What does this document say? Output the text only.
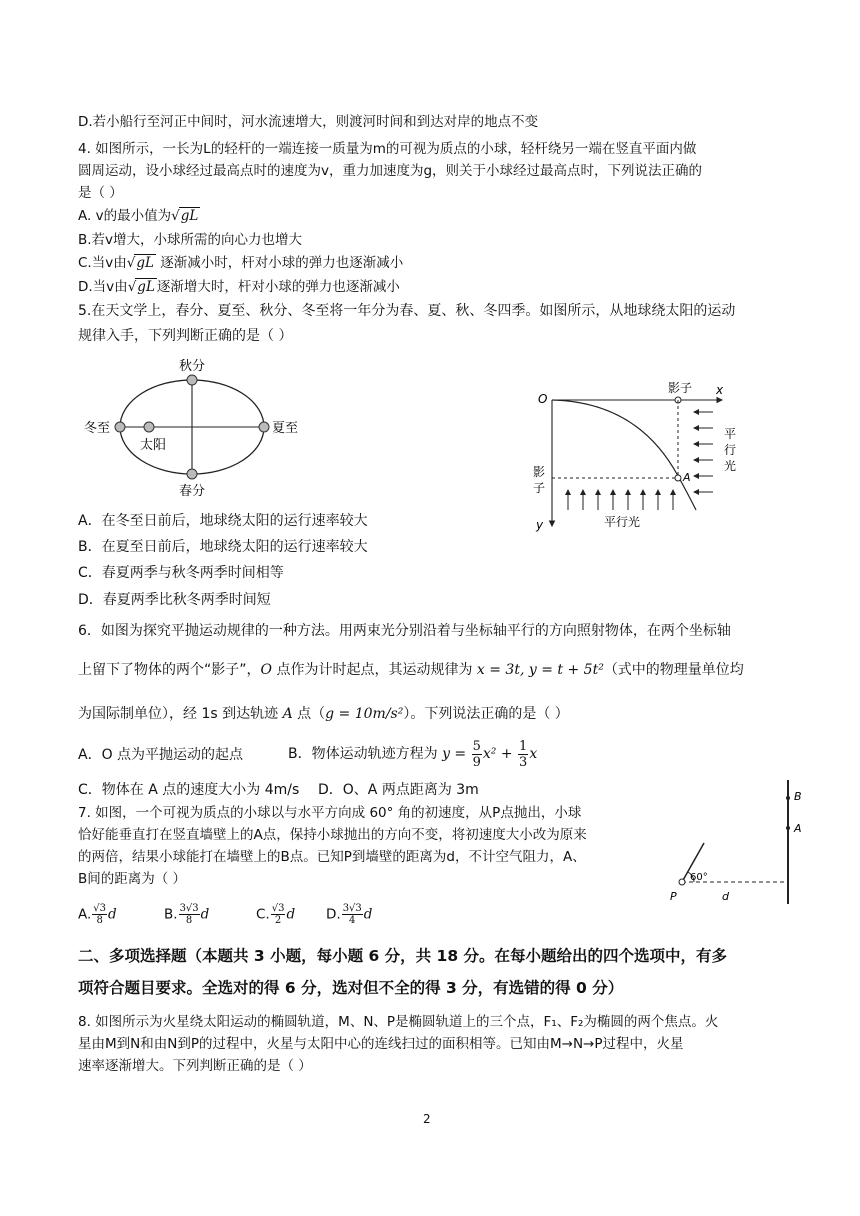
D.若小船行至河正中间时，河水流速增大，则渡河时间和到达对岸的地点不变
4. 如图所示，一长为L的轻杆的一端连接一质量为m的可视为质点的小球，轻杆绕另一端在竖直平面内做
圆周运动，设小球经过最高点时的速度为v，重力加速度为g，则关于小球经过最高点时，下列说法正确的
是（ ）
A. v的最小值为√gL
B.若v增大，小球所需的向心力也增大
C.当v由√gL 逐渐减小时，杆对小球的弹力也逐渐减小
D.当v由√gL 逐渐增大时，杆对小球的弹力也逐渐减小
5.在天文学上，春分、夏至、秋分、冬至将一年分为春、夏、秋、冬四季。如图所示，从地球绕太阳的运动
规律入手，下列判断正确的是（ ）
秋分
春分
冬至	夏至
太阳
O
x
y
影子
A
影
子
平
行
光
平行光
A．在冬至日前后，地球绕太阳的运行速率较大
B．在夏至日前后，地球绕太阳的运行速率较大
C．春夏两季与秋冬两季时间相等
D．春夏两季比秋冬两季时间短
6．如图为探究平抛运动规律的一种方法。用两束光分别沿着与坐标轴平行的方向照射物体，在两个坐标轴
上留下了物体的两个“影子”，O 点作为计时起点，其运动规律为 x = 3t, y = t + 5t²（式中的物理量单位均
为国际制单位），经 1s 到达轨迹 A 点（g = 10m/s²）。下列说法正确的是（ ）
A．O 点为平抛运动的起点	B．物体运动轨迹方程为 $y = \frac{5}{9} x^2 + \frac{1}{3}$ x
C．物体在 A 点的速度大小为 4m/s D．O、A 两点距离为 3m
7. 如图，一个可视为质点的小球以与水平方向成 60° 角的初速度，从P点抛出，小球
恰好能垂直打在竖直墙壁上的A点，保持小球抛出的方向不变，将初速度大小改为原来
的两倍，结果小球能打在墙壁上的B点。已知P到墙壁的距离为d，不计空气阻力，A、
B间的距离为（ ）
A. $\frac{√3}{8}$ d	B. $\frac{3√3}{8}$ d	C. $\frac{√3}{2}$ d D. $\frac{3√3}{4}$ d
B
A
60°
P	d
二、多项选择题（本题共 3 小题，每小题 6 分，共 18 分。在每小题给出的四个选项中，有多
项符合题目要求。全选对的得 6 分，选对但不全的得 3 分，有选错的得 0 分）
8. 如图所示为火星绕太阳运动的椭圆轨道，M、N、P是椭圆轨道上的三个点，F₁、F₂为椭圆的两个焦点。火
星由M到N和由N到P的过程中，火星与太阳中心的连线扫过的面积相等。已知由M→N→P过程中，火星
速率逐渐增大。下列判断正确的是（ ）
2
